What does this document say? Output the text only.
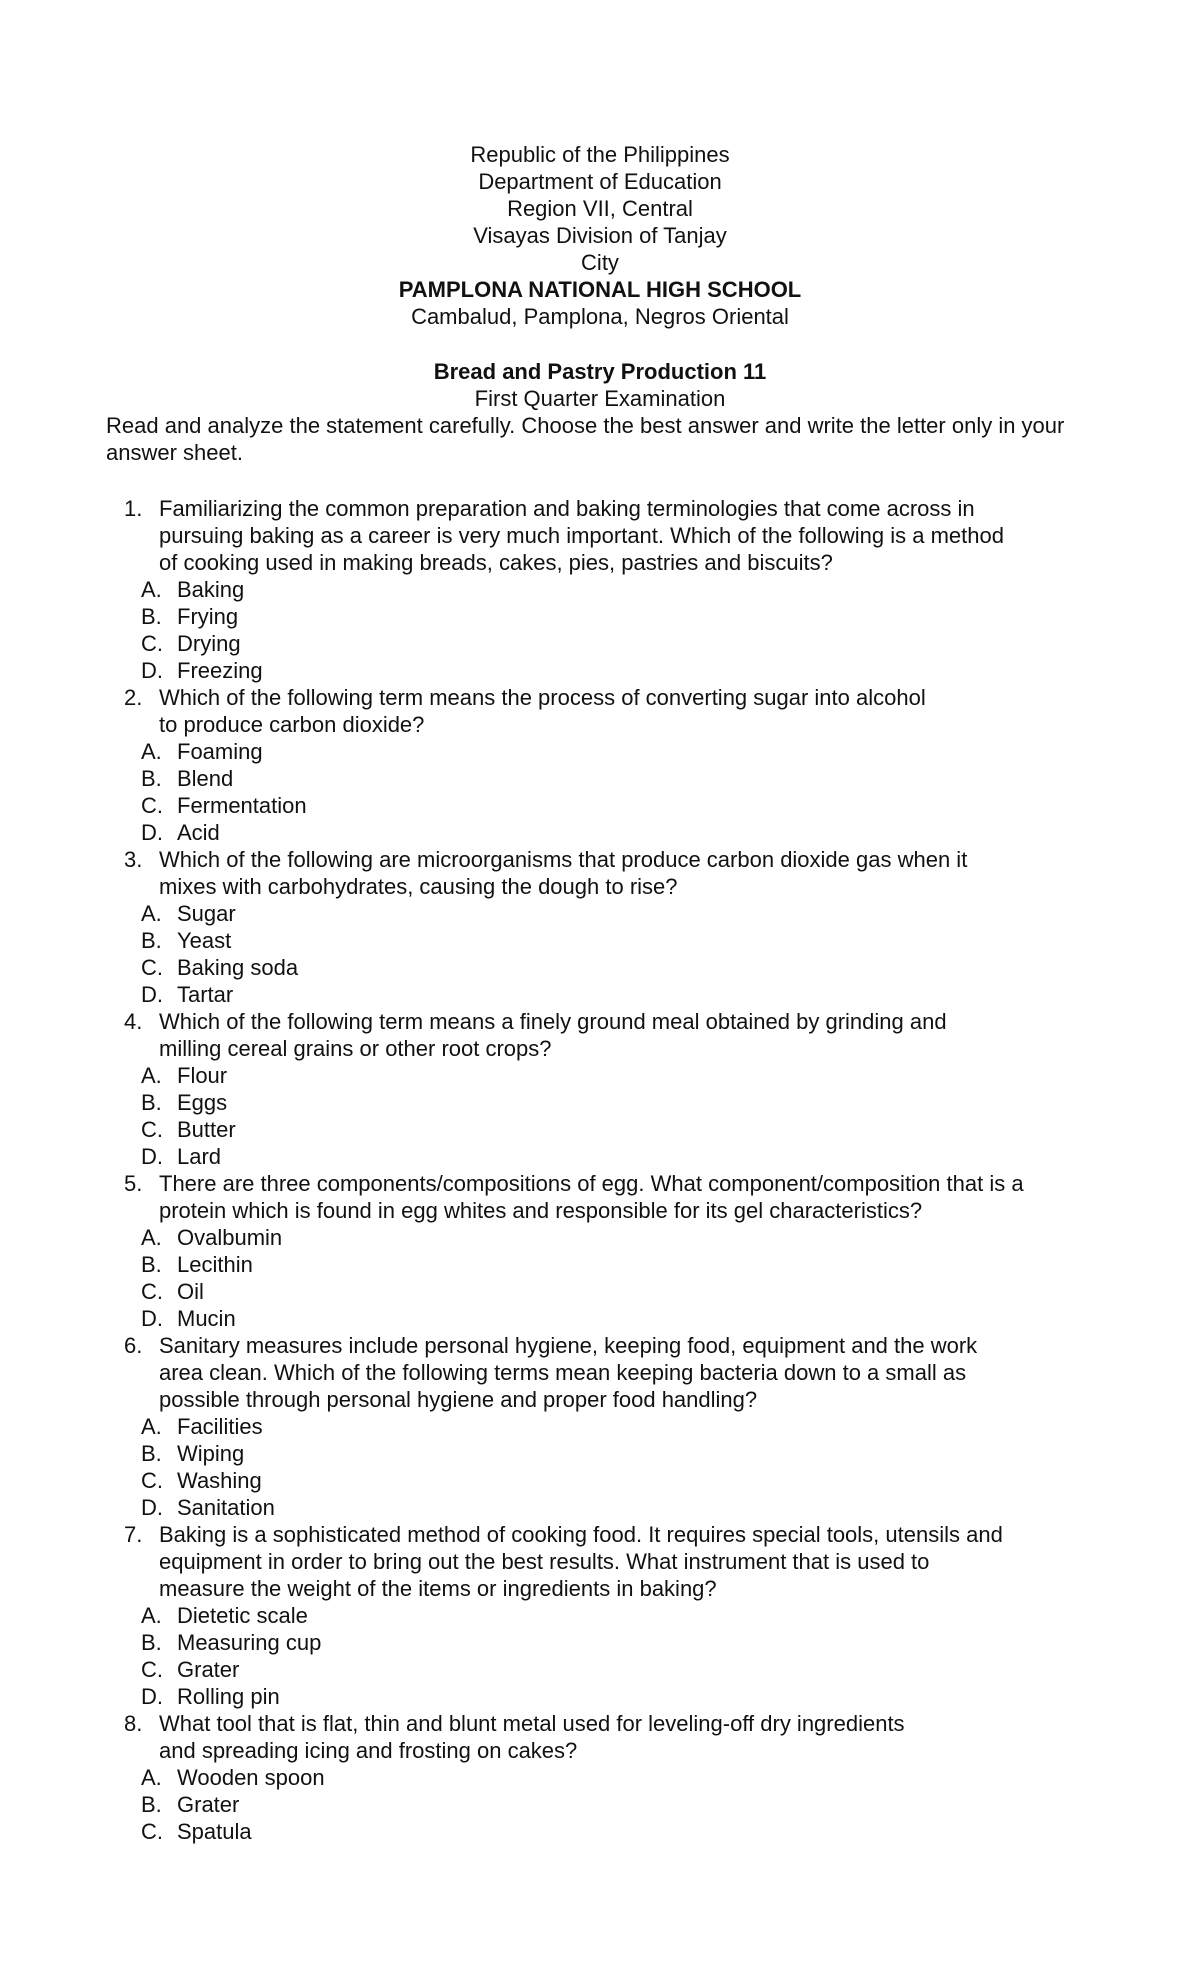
Republic of the Philippines
Department of Education
Region VII, Central
Visayas Division of Tanjay
City
PAMPLONA NATIONAL HIGH SCHOOL
Cambalud, Pamplona, Negros Oriental
Bread and Pastry Production 11
First Quarter Examination
Read and analyze the statement carefully. Choose the best answer and write the letter only in your answer sheet.
1. Familiarizing the common preparation and baking terminologies that come across in
pursuing baking as a career is very much important. Which of the following is a method
of cooking used in making breads, cakes, pies, pastries and biscuits?
A. Baking
B. Frying
C. Drying
D. Freezing
2. Which of the following term means the process of converting sugar into alcohol
to produce carbon dioxide?
A. Foaming
B. Blend
C. Fermentation
D. Acid
3. Which of the following are microorganisms that produce carbon dioxide gas when it
mixes with carbohydrates, causing the dough to rise?
A. Sugar
B. Yeast
C. Baking soda
D. Tartar
4. Which of the following term means a finely ground meal obtained by grinding and
milling cereal grains or other root crops?
A. Flour
B. Eggs
C. Butter
D. Lard
5. There are three components/compositions of egg. What component/composition that is a
protein which is found in egg whites and responsible for its gel characteristics?
A. Ovalbumin
B. Lecithin
C. Oil
D. Mucin
6. Sanitary measures include personal hygiene, keeping food, equipment and the work
area clean. Which of the following terms mean keeping bacteria down to a small as
possible through personal hygiene and proper food handling?
A. Facilities
B. Wiping
C. Washing
D. Sanitation
7. Baking is a sophisticated method of cooking food. It requires special tools, utensils and
equipment in order to bring out the best results. What instrument that is used to
measure the weight of the items or ingredients in baking?
A. Dietetic scale
B. Measuring cup
C. Grater
D. Rolling pin
8. What tool that is flat, thin and blunt metal used for leveling-off dry ingredients
and spreading icing and frosting on cakes?
A. Wooden spoon
B. Grater
C. Spatula
